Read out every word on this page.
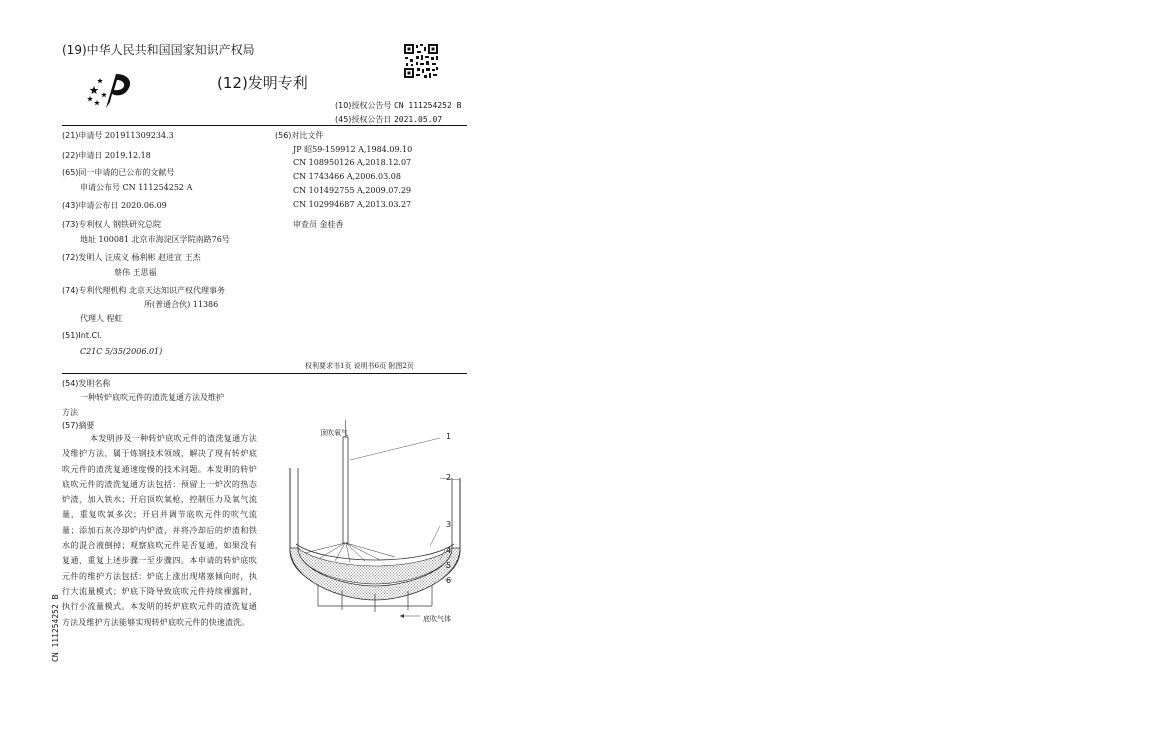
(19)中华人民共和国国家知识产权局
(12)发明专利
(10)授权公告号 CN 111254252 B
(45)授权公告日 2021.05.07
(21)申请号 201911309234.3
(22)申请日 2019.12.18
(65)同一申请的已公布的文献号
申请公布号 CN 111254252 A
(43)申请公布日 2020.06.09
(73)专利权人 钢铁研究总院
地址 100081 北京市海淀区学院南路76号
(72)发明人 汪成义 杨利彬 赵进宣 王杰
蔡伟 王思福
(74)专利代理机构 北京天达知识产权代理事务
所(普通合伙) 11386
代理人 程虹
(51)Int.Cl.
C21C 5/35(2006.01)
(56)对比文件
JP 昭59-159912 A,1984.09.10
CN 108950126 A,2018.12.07
CN 1743466 A,2006.03.08
CN 101492755 A,2009.07.29
CN 102994687 A,2013.03.27
审查员 金桂香
权利要求书1页 说明书6页 附图2页
(54)发明名称
一种转炉底吹元件的渣洗复通方法及维护
方法
(57)摘要
本发明涉及一种转炉底吹元件的渣洗复通方法及维护方法，属于炼钢技术领域，解决了现有转炉底吹元件的渣洗复通速度慢的技术问题。本发明的转炉底吹元件的渣洗复通方法包括：预留上一炉次的热态炉渣，加入铁水；开启顶吹氧枪，控制压力及氧气流量，重复吹氧多次；开启并调节底吹元件的吹气流量；添加石灰冷却炉内炉渣，并将冷却后的炉渣和铁水的混合液倒掉；观察底吹元件是否复通，如果没有复通，重复上述步骤一至步骤四。本申请的转炉底吹元件的维护方法包括：炉底上涨出现堵塞倾向时，执行大流量模式；炉底下降导致底吹元件持续裸露时，执行小流量模式。本发明的转炉底吹元件的渣洗复通方法及维护方法能够实现转炉底吹元件的快速渣洗。
CN 111254252 B
顶吹氧气
底吹气体
1
2
3
4
5
6
